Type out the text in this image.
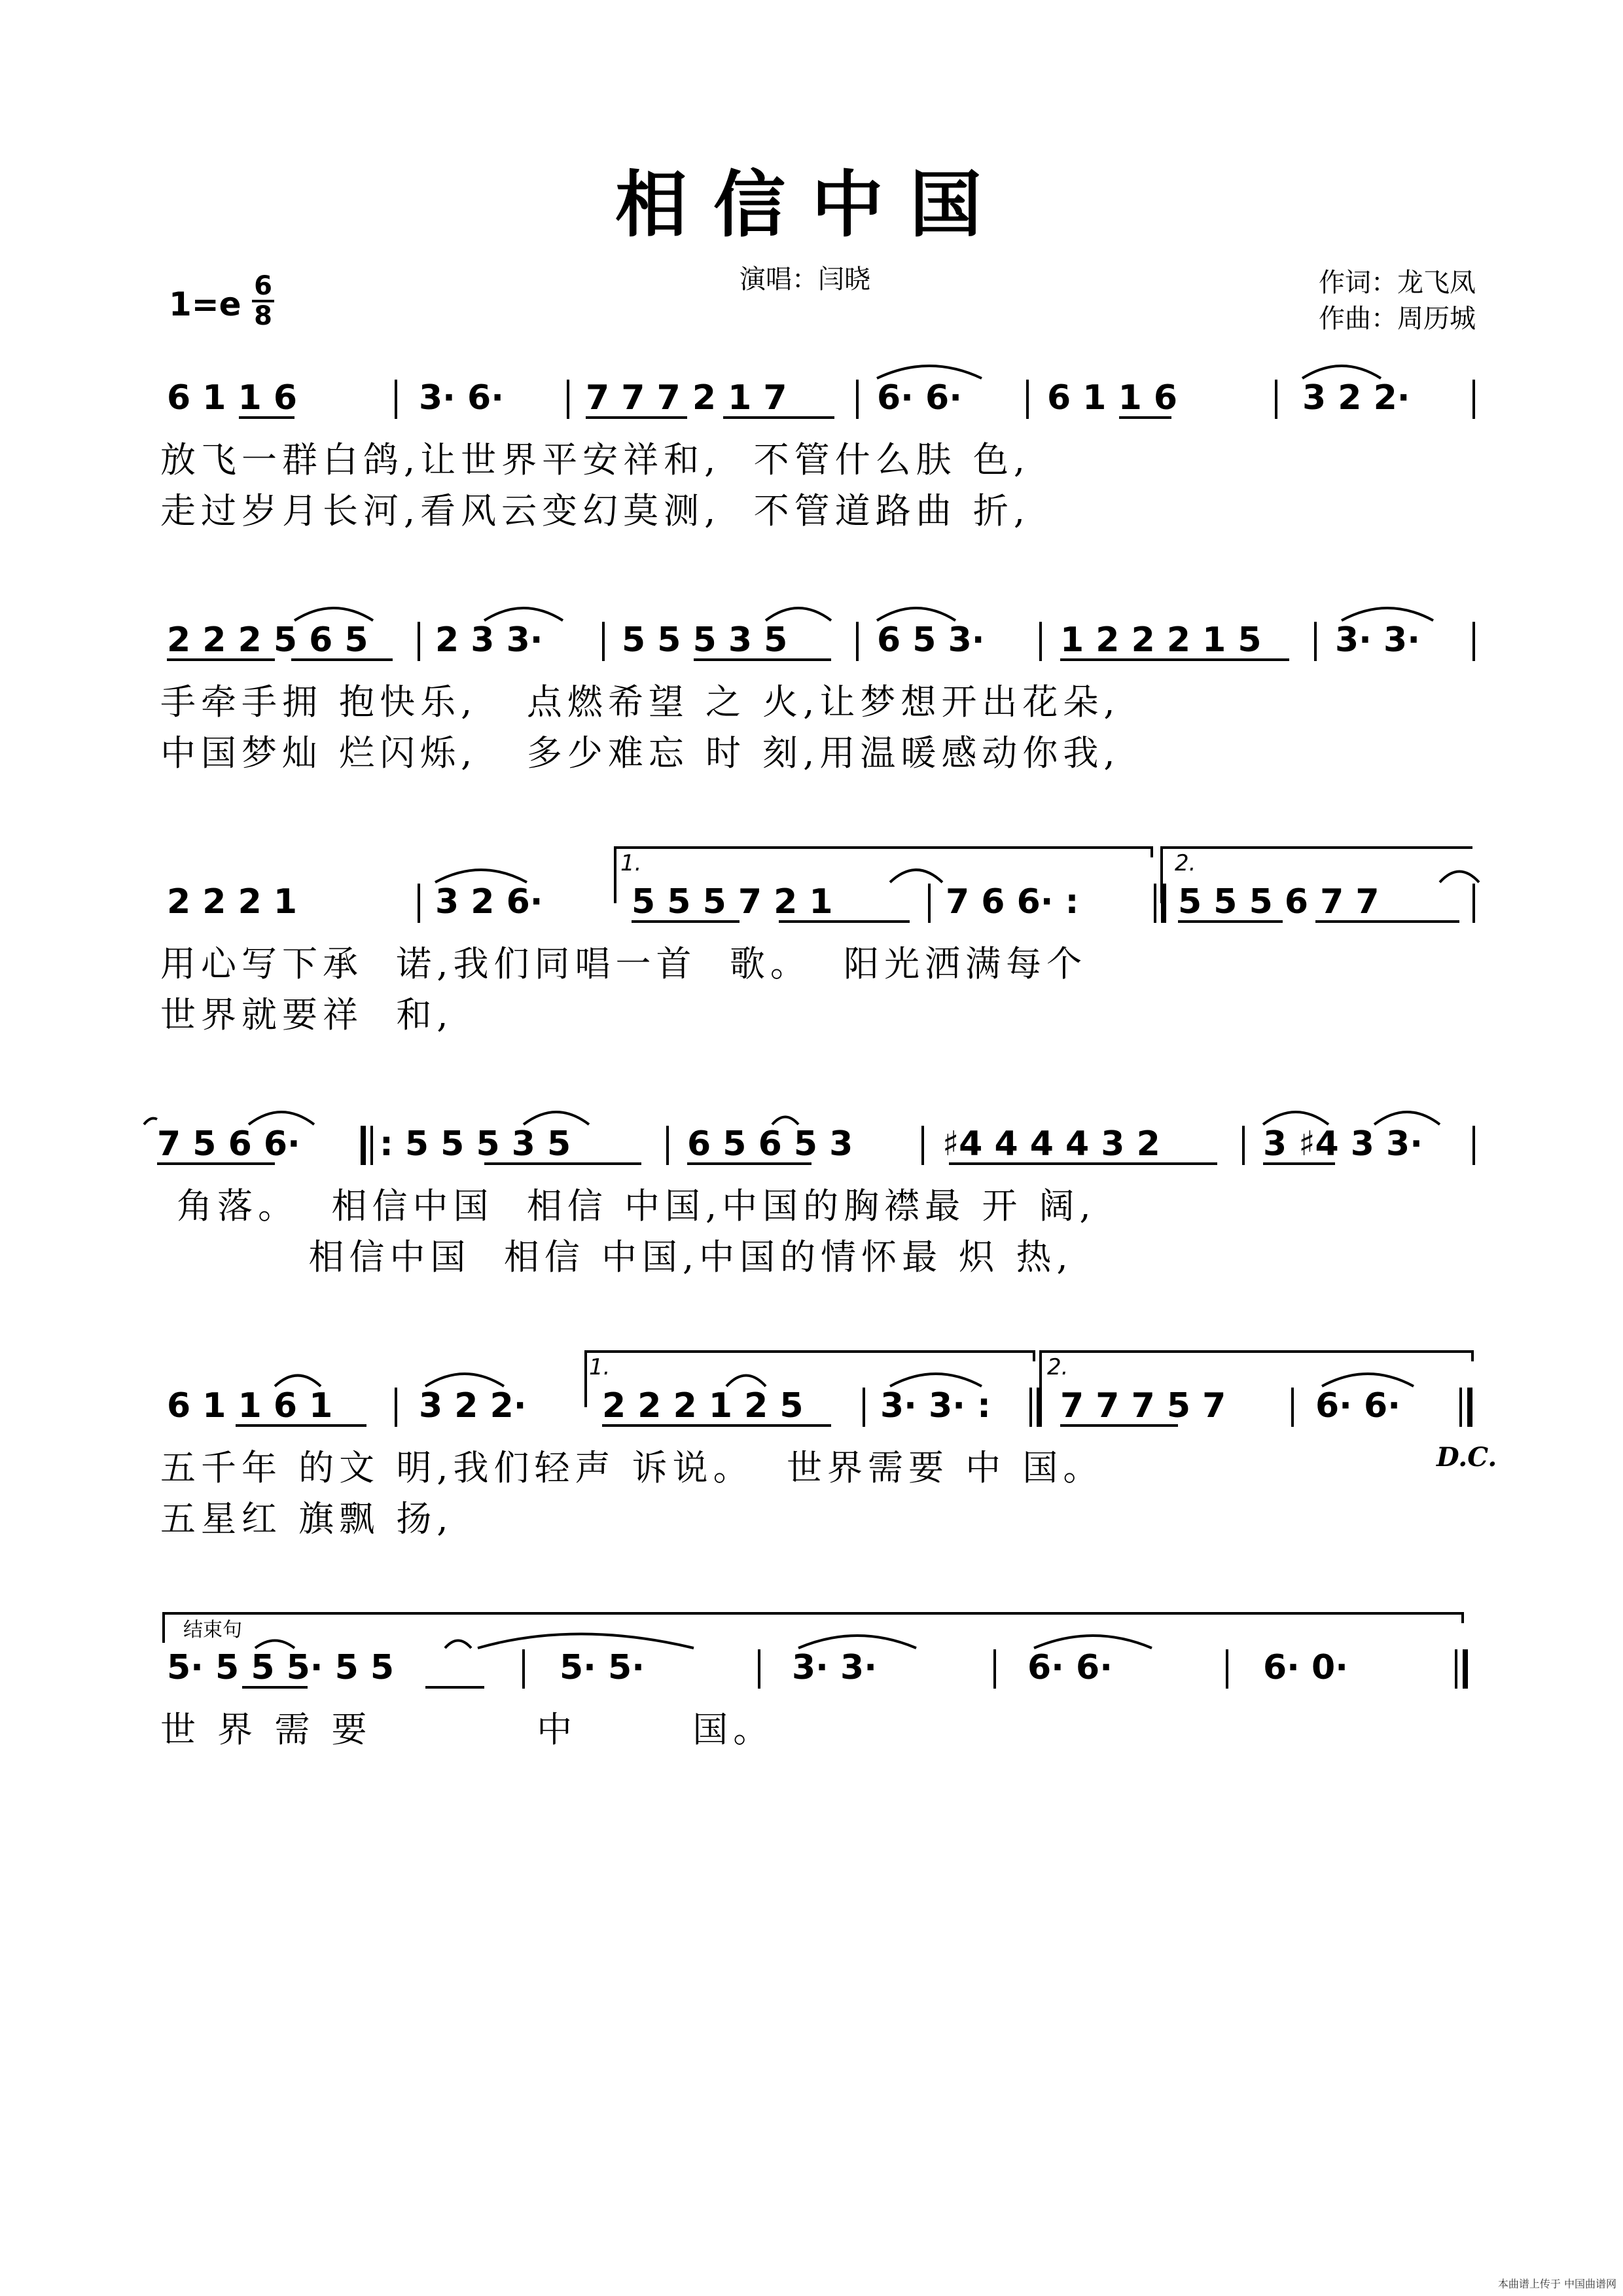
相信中国
演唱：闫晓	作词：龙飞凤
作曲：周历城
1=e 6
8
6 1 1 6	3· 6· 7 7 7 2 1 7	6· 6·	6 1 1 6	3 2 2·
放飞一群白鸽,让世界平安祥和,  不管什么肤 色,
走过岁月长河,看风云变幻莫测,  不管道路曲 折,
2 2 2 5 6 5 2 3 3· 5 5 5 3 5	6 5 3· 1 2 2 2 1 5 3· 3·
手牵手拥 抱快乐,   点燃希望 之 火,让梦想开出花朵,
中国梦灿 烂闪烁,   多少难忘 时 刻,用温暖感动你我,
1.	2.
2 2 2 1	3 2 6·	5 5 5 7 2 1	7 6 6· :	5 5 5 6 7 7
用心写下承  诺,我们同唱一首  歌。  阳光洒满每个
世界就要祥  和,
7 5 6 6· : 5 5 5 3 5	6 5 6 5 3	♯4 4 4 4 3 2	3 ♯4 3 3·
角落。  相信中国  相信 中国,中国的胸襟最 开 阔,
相信中国  相信 中国,中国的情怀最 炽 热,
1.	2.
6 1 1 6 1	3 2 2· 2 2 2 1 2 5 3· 3· : 7 7 7 5 7	6· 6·
D.C.
五千年 的文 明,我们轻声 诉说。  世界需要 中 国。
五星红 旗飘 扬,
结束句
5· 5 5 5· 5 5	5· 5·	3· 3·	6· 6·	6· 0·
世 界 需 要          中       国。
本曲谱上传于 中国曲谱网
